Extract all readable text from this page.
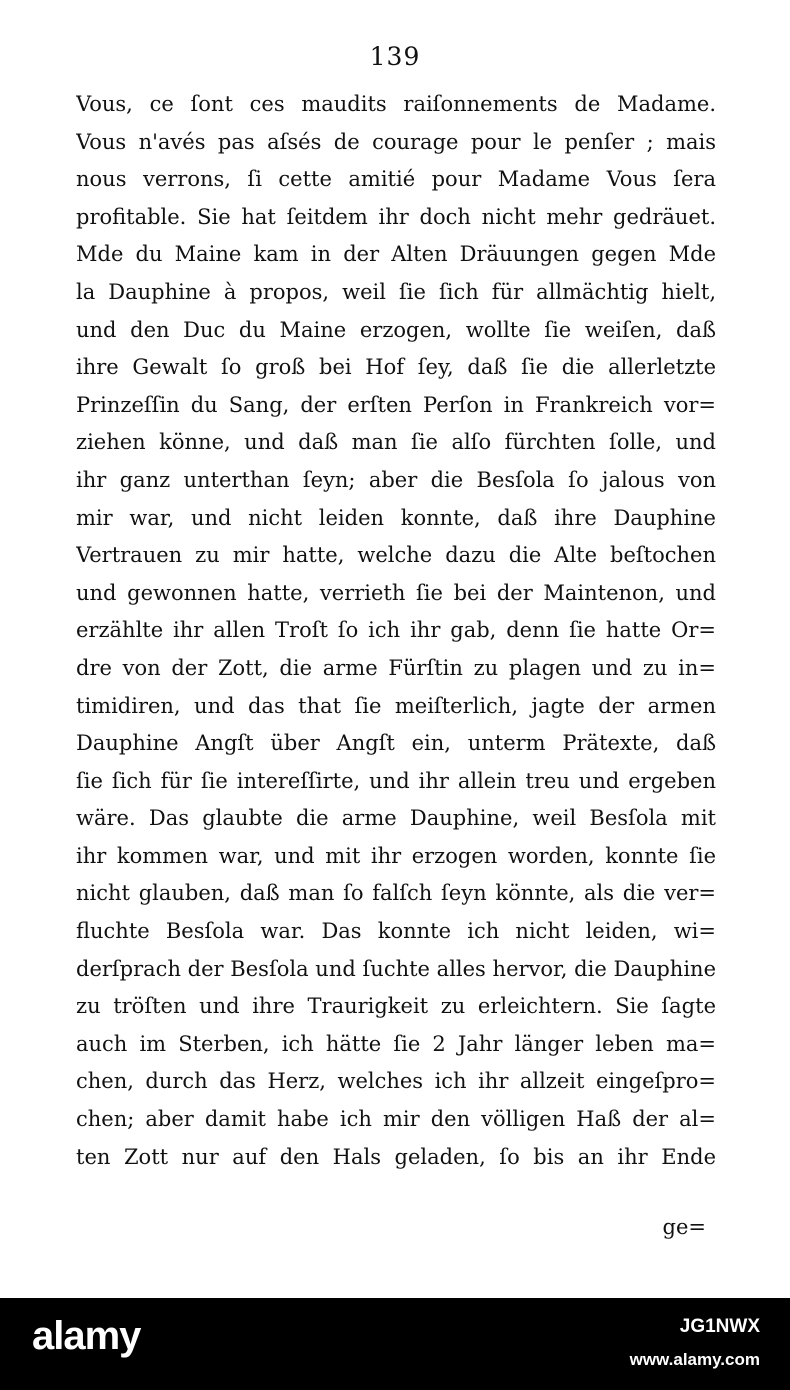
139
Vous, ce ſont ces maudits raiſonnements de Madame.
Vous n'avés pas aſsés de courage pour le penſer ; mais
nous verrons, ſi cette amitié pour Madame Vous ſera
profitable. Sie hat ſeitdem ihr doch nicht mehr gedräuet.
Mde du Maine kam in der Alten Dräuungen gegen Mde
la Dauphine à propos, weil ſie ſich für allmächtig hielt,
und den Duc du Maine erzogen, wollte ſie weiſen, daß
ihre Gewalt ſo groß bei Hof ſey, daß ſie die allerletzte
Prinzeſſin du Sang, der erſten Perſon in Frankreich vor=
ziehen könne, und daß man ſie alſo fürchten ſolle, und
ihr ganz unterthan ſeyn; aber die Besſola ſo jalous von
mir war, und nicht leiden konnte, daß ihre Dauphine
Vertrauen zu mir hatte, welche dazu die Alte beſtochen
und gewonnen hatte, verrieth ſie bei der Maintenon, und
erzählte ihr allen Troſt ſo ich ihr gab, denn ſie hatte Or=
dre von der Zott, die arme Fürſtin zu plagen und zu in=
timidiren, und das that ſie meiſterlich, jagte der armen
Dauphine Angſt über Angſt ein, unterm Prätexte, daß
ſie ſich für ſie intereſſirte, und ihr allein treu und ergeben
wäre. Das glaubte die arme Dauphine, weil Besſola mit
ihr kommen war, und mit ihr erzogen worden, konnte ſie
nicht glauben, daß man ſo falſch ſeyn könnte, als die ver=
fluchte Besſola war. Das konnte ich nicht leiden, wi=
derſprach der Besſola und ſuchte alles hervor, die Dauphine
zu tröſten und ihre Traurigkeit zu erleichtern. Sie ſagte
auch im Sterben, ich hätte ſie 2 Jahr länger leben ma=
chen, durch das Herz, welches ich ihr allzeit eingeſpro=
chen; aber damit habe ich mir den völligen Haß der al=
ten Zott nur auf den Hals geladen, ſo bis an ihr Ende
ge=
alamy	JG1NWX
www.alamy.com
